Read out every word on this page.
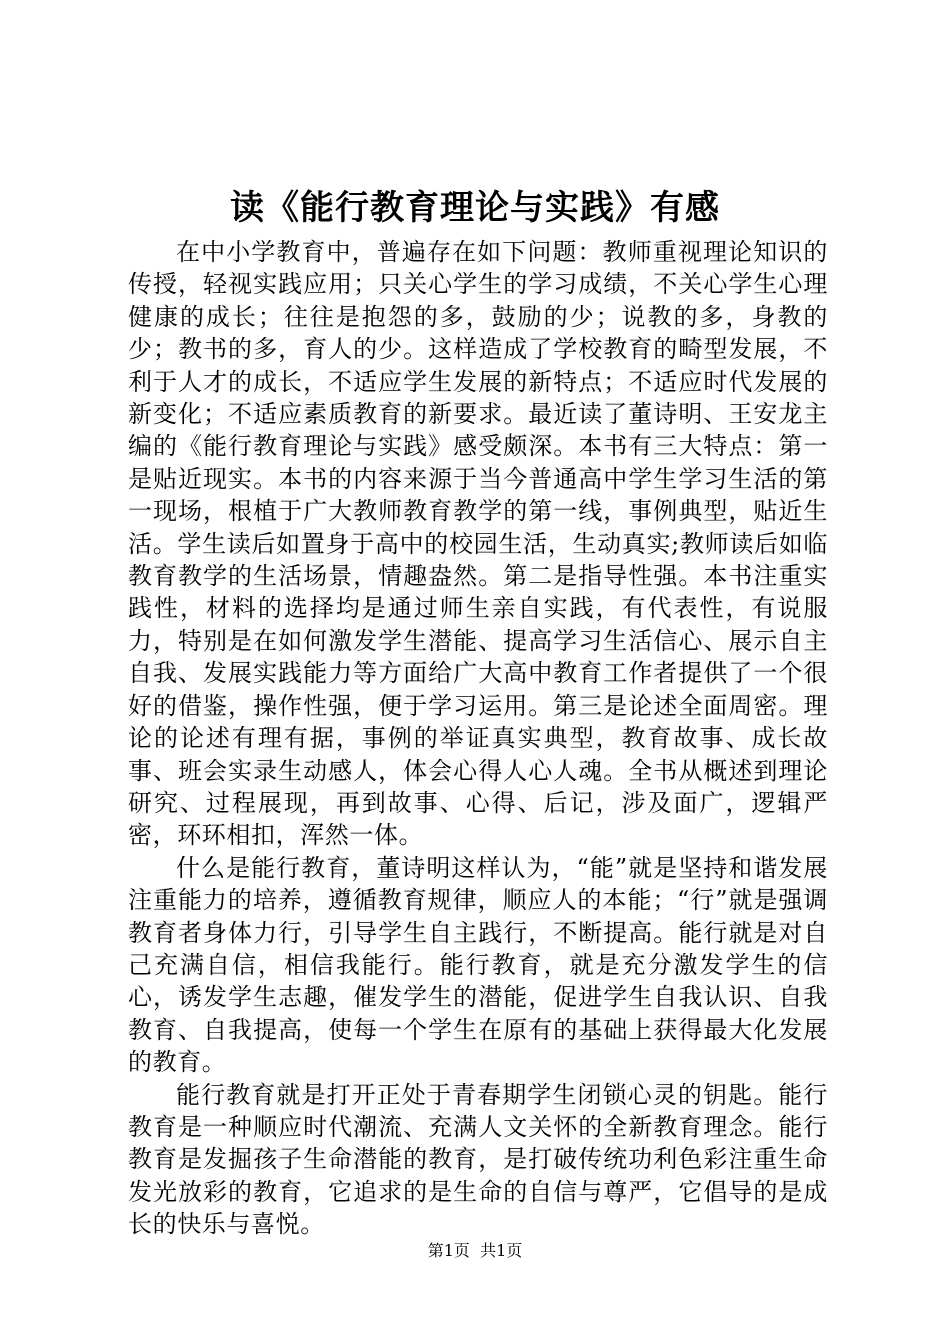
读《能行教育理论与实践》有感

在中小学教育中，普遍存在如下问题：教师重视理论知识的传授，轻视实践应用；只关心学生的学习成绩，不关心学生心理健康的成长；往往是抱怨的多，鼓励的少；说教的多，身教的少；教书的多，育人的少。这样造成了学校教育的畸型发展，不利于人才的成长，不适应学生发展的新特点；不适应时代发展的新变化；不适应素质教育的新要求。最近读了董诗明、王安龙主编的《能行教育理论与实践》感受颇深。本书有三大特点：第一是贴近现实。本书的内容来源于当今普通高中学生学习生活的第一现场，根植于广大教师教育教学的第一线，事例典型，贴近生活。学生读后如置身于高中的校园生活，生动真实;教师读后如临教育教学的生活场景，情趣盎然。第二是指导性强。本书注重实践性，材料的选择均是通过师生亲自实践，有代表性，有说服力，特别是在如何激发学生潜能、提高学习生活信心、展示自主自我、发展实践能力等方面给广大高中教育工作者提供了一个很好的借鉴，操作性强，便于学习运用。第三是论述全面周密。理论的论述有理有据，事例的举证真实典型，教育故事、成长故事、班会实录生动感人，体会心得人心人魂。全书从概述到理论研究、过程展现，再到故事、心得、后记，涉及面广，逻辑严密，环环相扣，浑然一体。

什么是能行教育，董诗明这样认为，“能”就是坚持和谐发展注重能力的培养，遵循教育规律，顺应人的本能；“行”就是强调教育者身体力行，引导学生自主践行，不断提高。能行就是对自己充满自信，相信我能行。能行教育，就是充分激发学生的信心，诱发学生志趣，催发学生的潜能，促进学生自我认识、自我教育、自我提高，使每一个学生在原有的基础上获得最大化发展的教育。

能行教育就是打开正处于青春期学生闭锁心灵的钥匙。能行教育是一种顺应时代潮流、充满人文关怀的全新教育理念。能行教育是发掘孩子生命潜能的教育，是打破传统功利色彩注重生命发光放彩的教育，它追求的是生命的自信与尊严，它倡导的是成长的快乐与喜悦。

第1页 共1页
